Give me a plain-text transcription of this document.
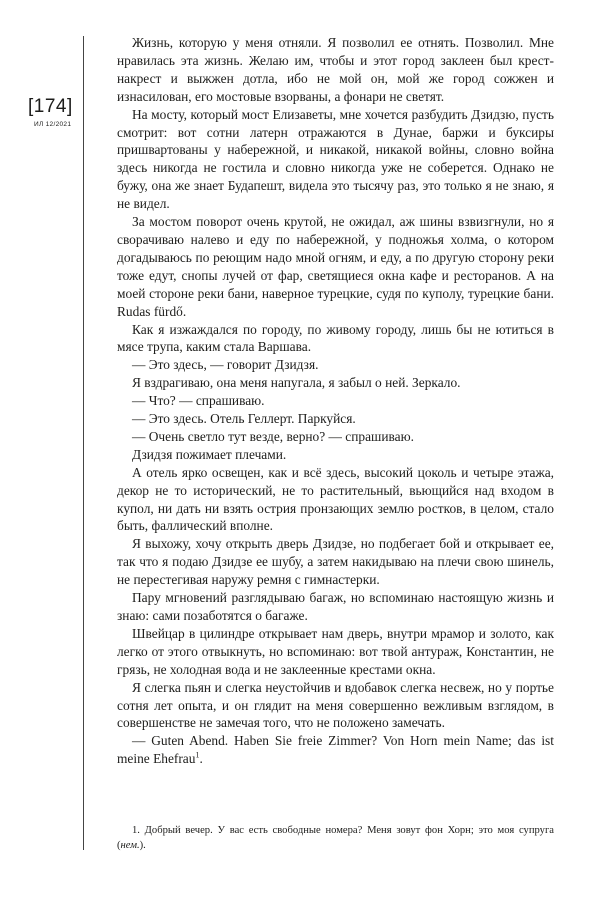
[174]
ИЛ 12/2021

Жизнь, которую у меня отняли. Я позволил ее отнять. Позволил. Мне нравилась эта жизнь. Желаю им, чтобы и этот город заклеен был крест-накрест и выжжен дотла, ибо не мой он, мой же город сожжен и изнасилован, его мостовые взорваны, а фонари не светят.

На мосту, который мост Елизаветы, мне хочется разбудить Дзидзю, пусть смотрит: вот сотни латерн отражаются в Дунае, баржи и буксиры пришвартованы у набережной, и никакой, никакой войны, словно война здесь никогда не гостила и словно никогда уже не соберется. Однако не бужу, она же знает Будапешт, видела это тысячу раз, это только я не знаю, я не видел.

За мостом поворот очень крутой, не ожидал, аж шины взвизгнули, но я сворачиваю налево и еду по набережной, у подножья холма, о котором догадываюсь по реющим надо мной огням, и еду, а по другую сторону реки тоже едут, снопы лучей от фар, светящиеся окна кафе и ресторанов. А на моей стороне реки бани, наверное турецкие, судя по куполу, турецкие бани. Rudas fürdő.

Как я изжаждался по городу, по живому городу, лишь бы не ютиться в мясе трупа, каким стала Варшава.

— Это здесь, — говорит Дзидзя.

Я вздрагиваю, она меня напугала, я забыл о ней. Зеркало.

— Что? — спрашиваю.

— Это здесь. Отель Геллерт. Паркуйся.

— Очень светло тут везде, верно? — спрашиваю.

Дзидзя пожимает плечами.

А отель ярко освещен, как и всё здесь, высокий цоколь и четыре этажа, декор не то исторический, не то растительный, вьющийся над входом в купол, ни дать ни взять острия пронзающих землю ростков, в целом, стало быть, фаллический вполне.

Я выхожу, хочу открыть дверь Дзидзе, но подбегает бой и открывает ее, так что я подаю Дзидзе ее шубу, а затем накидываю на плечи свою шинель, не перестегивая наружу ремня с гимнастерки.

Пару мгновений разглядываю багаж, но вспоминаю настоящую жизнь и знаю: сами позаботятся о багаже.

Швейцар в цилиндре открывает нам дверь, внутри мрамор и золото, как легко от этого отвыкнуть, но вспоминаю: вот твой антураж, Константин, не грязь, не холодная вода и не заклеенные крестами окна.

Я слегка пьян и слегка неустойчив и вдобавок слегка несвеж, но у портье сотня лет опыта, и он глядит на меня совершенно вежливым взглядом, в совершенстве не замечая того, что не положено замечать.

— Guten Abend. Haben Sie freie Zimmer? Von Horn mein Name; das ist meine Ehefrau$^1$.

1. Добрый вечер. У вас есть свободные номера? Меня зовут фон Хорн; это моя супруга (нем.).
